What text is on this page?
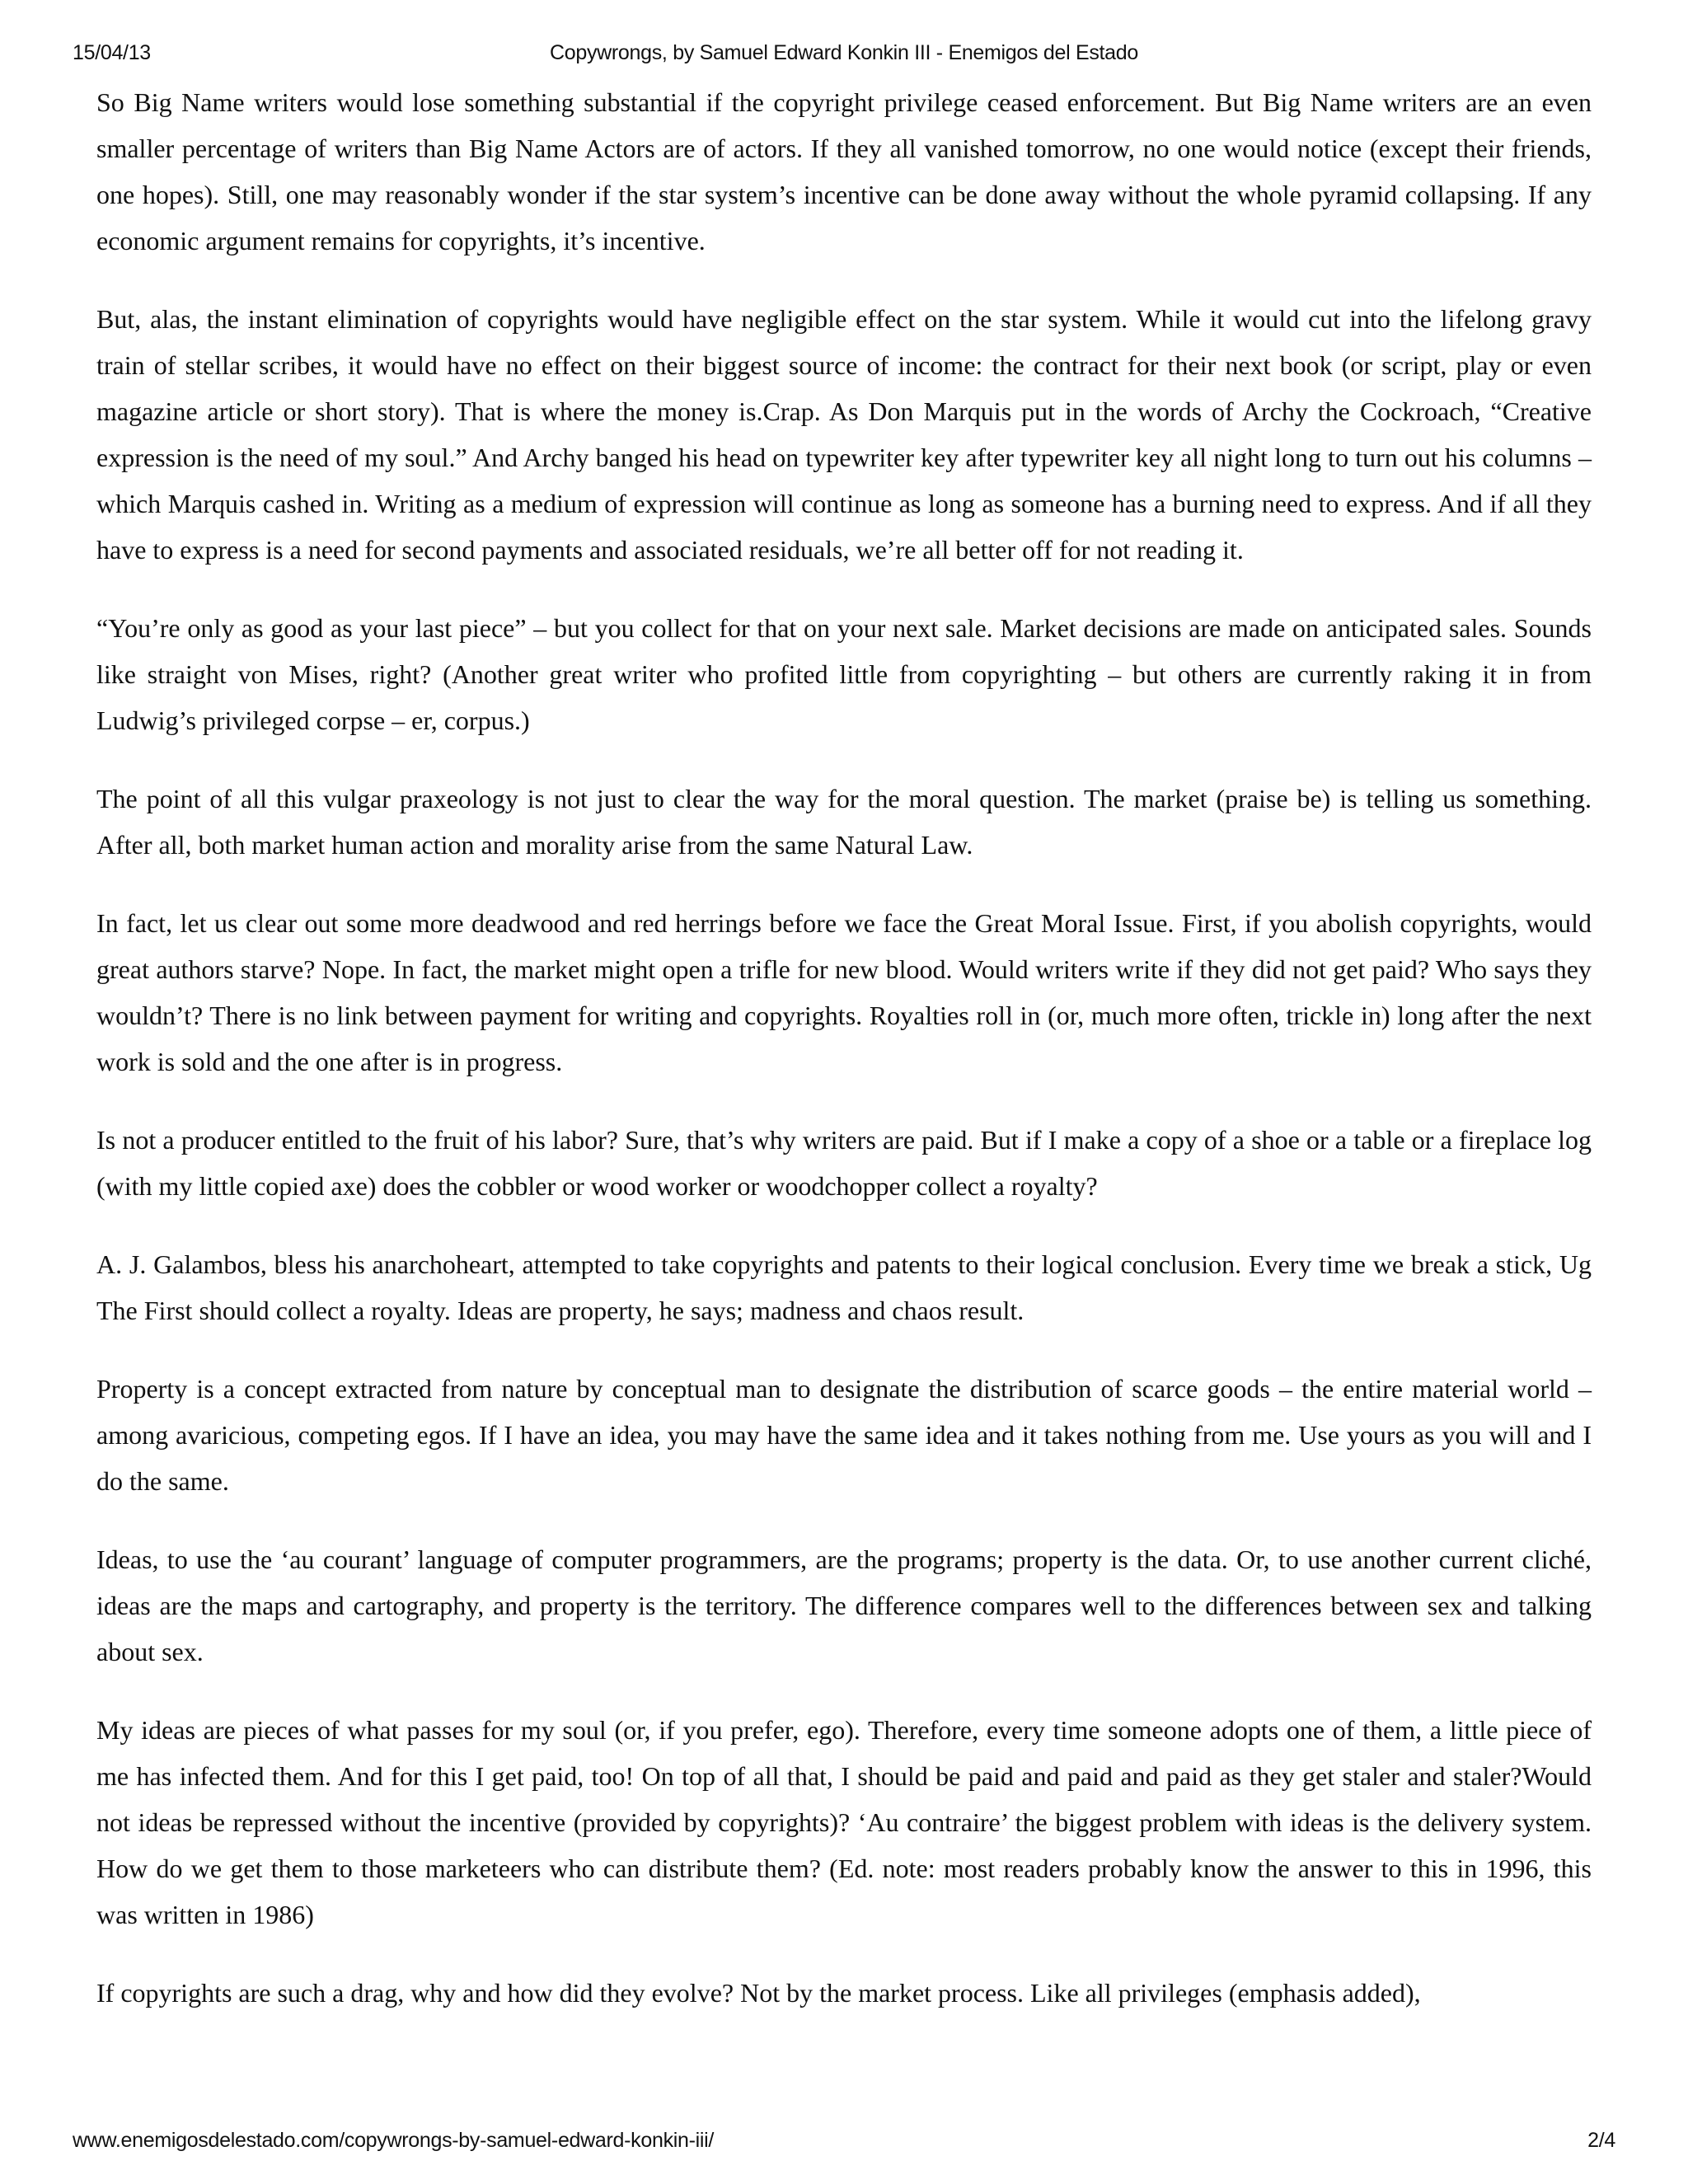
15/04/13	Copywrongs, by Samuel Edward Konkin III - Enemigos del Estado

So Big Name writers would lose something substantial if the copyright privilege ceased enforcement. But Big Name writers are an even smaller percentage of writers than Big Name Actors are of actors. If they all vanished tomorrow, no one would notice (except their friends, one hopes). Still, one may reasonably wonder if the star system’s incentive can be done away without the whole pyramid collapsing. If any economic argument remains for copyrights, it’s incentive.

But, alas, the instant elimination of copyrights would have negligible effect on the star system. While it would cut into the lifelong gravy train of stellar scribes, it would have no effect on their biggest source of income: the contract for their next book (or script, play or even magazine article or short story). That is where the money is.Crap. As Don Marquis put in the words of Archy the Cockroach, “Creative expression is the need of my soul.” And Archy banged his head on typewriter key after typewriter key all night long to turn out his columns – which Marquis cashed in. Writing as a medium of expression will continue as long as someone has a burning need to express. And if all they have to express is a need for second payments and associated residuals, we’re all better off for not reading it.

“You’re only as good as your last piece” – but you collect for that on your next sale. Market decisions are made on anticipated sales. Sounds like straight von Mises, right? (Another great writer who profited little from copyrighting – but others are currently raking it in from Ludwig’s privileged corpse – er, corpus.)

The point of all this vulgar praxeology is not just to clear the way for the moral question. The market (praise be) is telling us something. After all, both market human action and morality arise from the same Natural Law.

In fact, let us clear out some more deadwood and red herrings before we face the Great Moral Issue. First, if you abolish copyrights, would great authors starve? Nope. In fact, the market might open a trifle for new blood. Would writers write if they did not get paid? Who says they wouldn’t? There is no link between payment for writing and copyrights. Royalties roll in (or, much more often, trickle in) long after the next work is sold and the one after is in progress.

Is not a producer entitled to the fruit of his labor? Sure, that’s why writers are paid. But if I make a copy of a shoe or a table or a fireplace log (with my little copied axe) does the cobbler or wood worker or woodchopper collect a royalty?

A. J. Galambos, bless his anarchoheart, attempted to take copyrights and patents to their logical conclusion. Every time we break a stick, Ug The First should collect a royalty. Ideas are property, he says; madness and chaos result.

Property is a concept extracted from nature by conceptual man to designate the distribution of scarce goods – the entire material world – among avaricious, competing egos. If I have an idea, you may have the same idea and it takes nothing from me. Use yours as you will and I do the same.

Ideas, to use the ‘au courant’ language of computer programmers, are the programs; property is the data. Or, to use another current cliché, ideas are the maps and cartography, and property is the territory. The difference compares well to the differences between sex and talking about sex.

My ideas are pieces of what passes for my soul (or, if you prefer, ego). Therefore, every time someone adopts one of them, a little piece of me has infected them. And for this I get paid, too! On top of all that, I should be paid and paid and paid as they get staler and staler?Would not ideas be repressed without the incentive (provided by copyrights)? ‘Au contraire’ the biggest problem with ideas is the delivery system. How do we get them to those marketeers who can distribute them? (Ed. note: most readers probably know the answer to this in 1996, this was written in 1986)

If copyrights are such a drag, why and how did they evolve? Not by the market process. Like all privileges (emphasis added),

www.enemigosdelestado.com/copywrongs-by-samuel-edward-konkin-iii/	2/4
